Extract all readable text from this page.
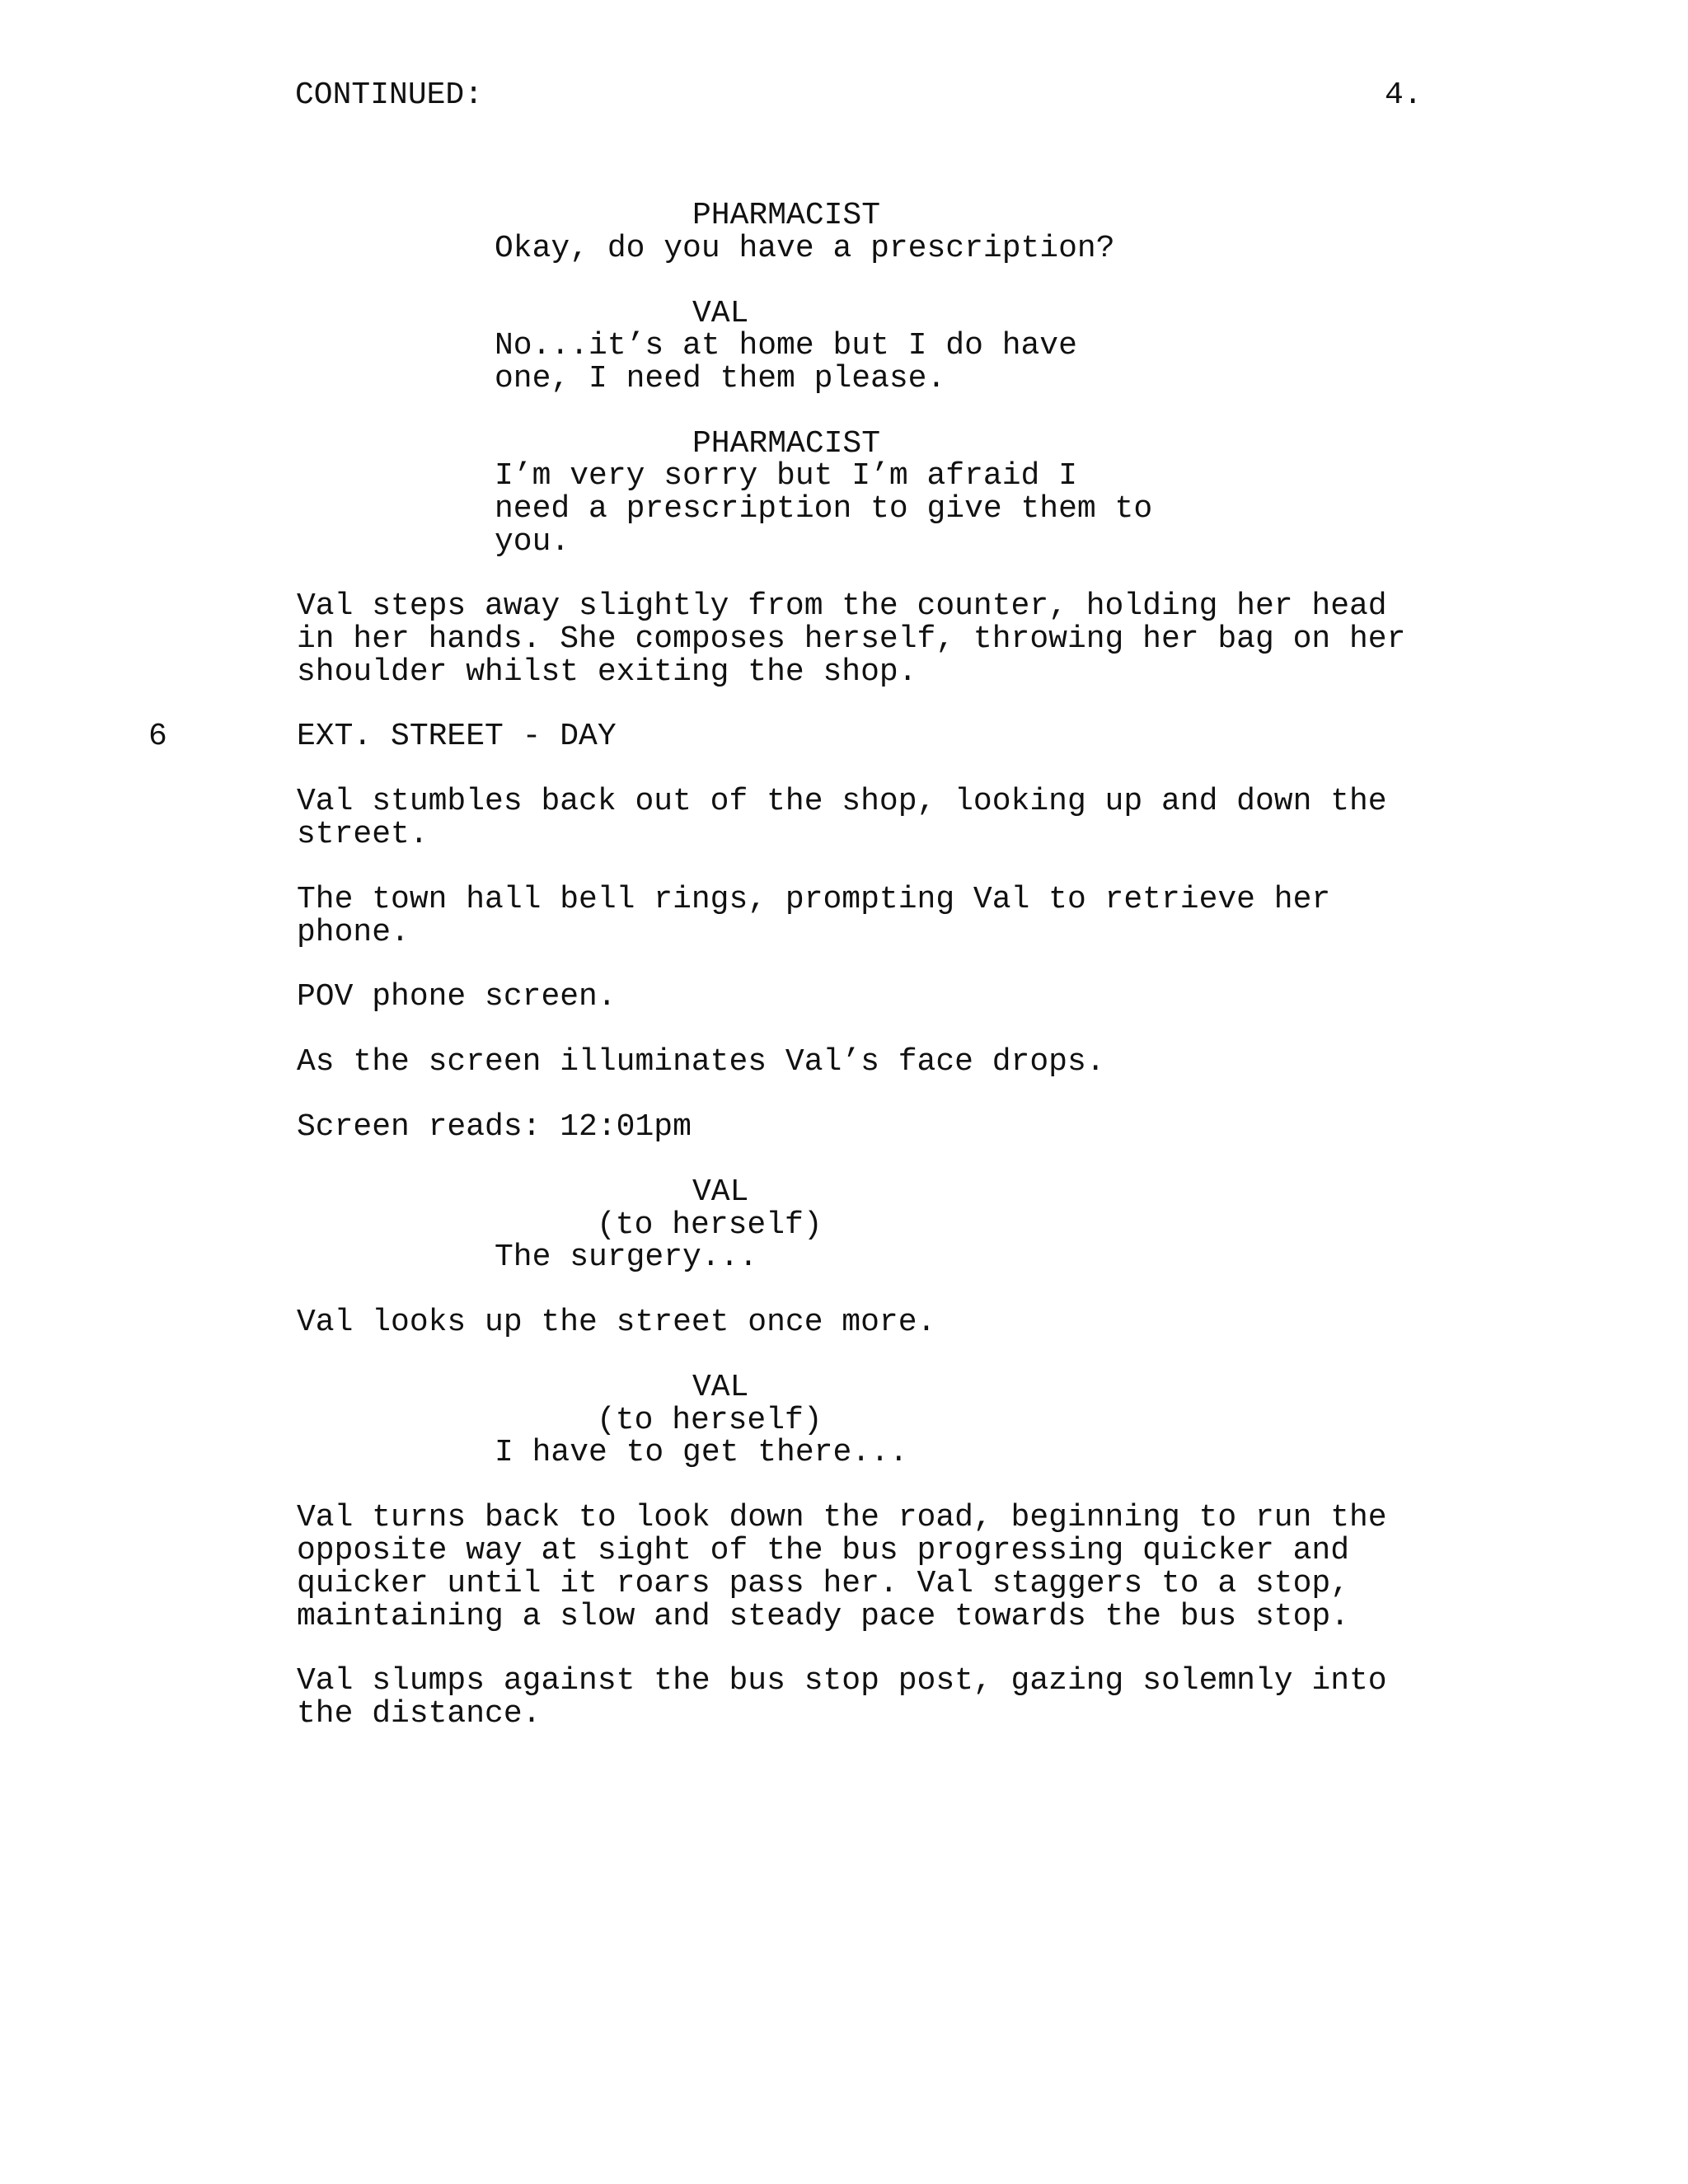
CONTINUED:	4.
PHARMACIST
Okay, do you have a prescription?
VAL
No...it’s at home but I do have
one, I need them please.
PHARMACIST
I’m very sorry but I’m afraid I
need a prescription to give them to
you.
Val steps away slightly from the counter, holding her head
in her hands. She composes herself, throwing her bag on her
shoulder whilst exiting the shop.
6	EXT. STREET - DAY
Val stumbles back out of the shop, looking up and down the
street.
The town hall bell rings, prompting Val to retrieve her
phone.
POV phone screen.
As the screen illuminates Val’s face drops.
Screen reads: 12:01pm
VAL
(to herself)
The surgery...
Val looks up the street once more.
VAL
(to herself)
I have to get there...
Val turns back to look down the road, beginning to run the
opposite way at sight of the bus progressing quicker and
quicker until it roars pass her. Val staggers to a stop,
maintaining a slow and steady pace towards the bus stop.
Val slumps against the bus stop post, gazing solemnly into
the distance.
